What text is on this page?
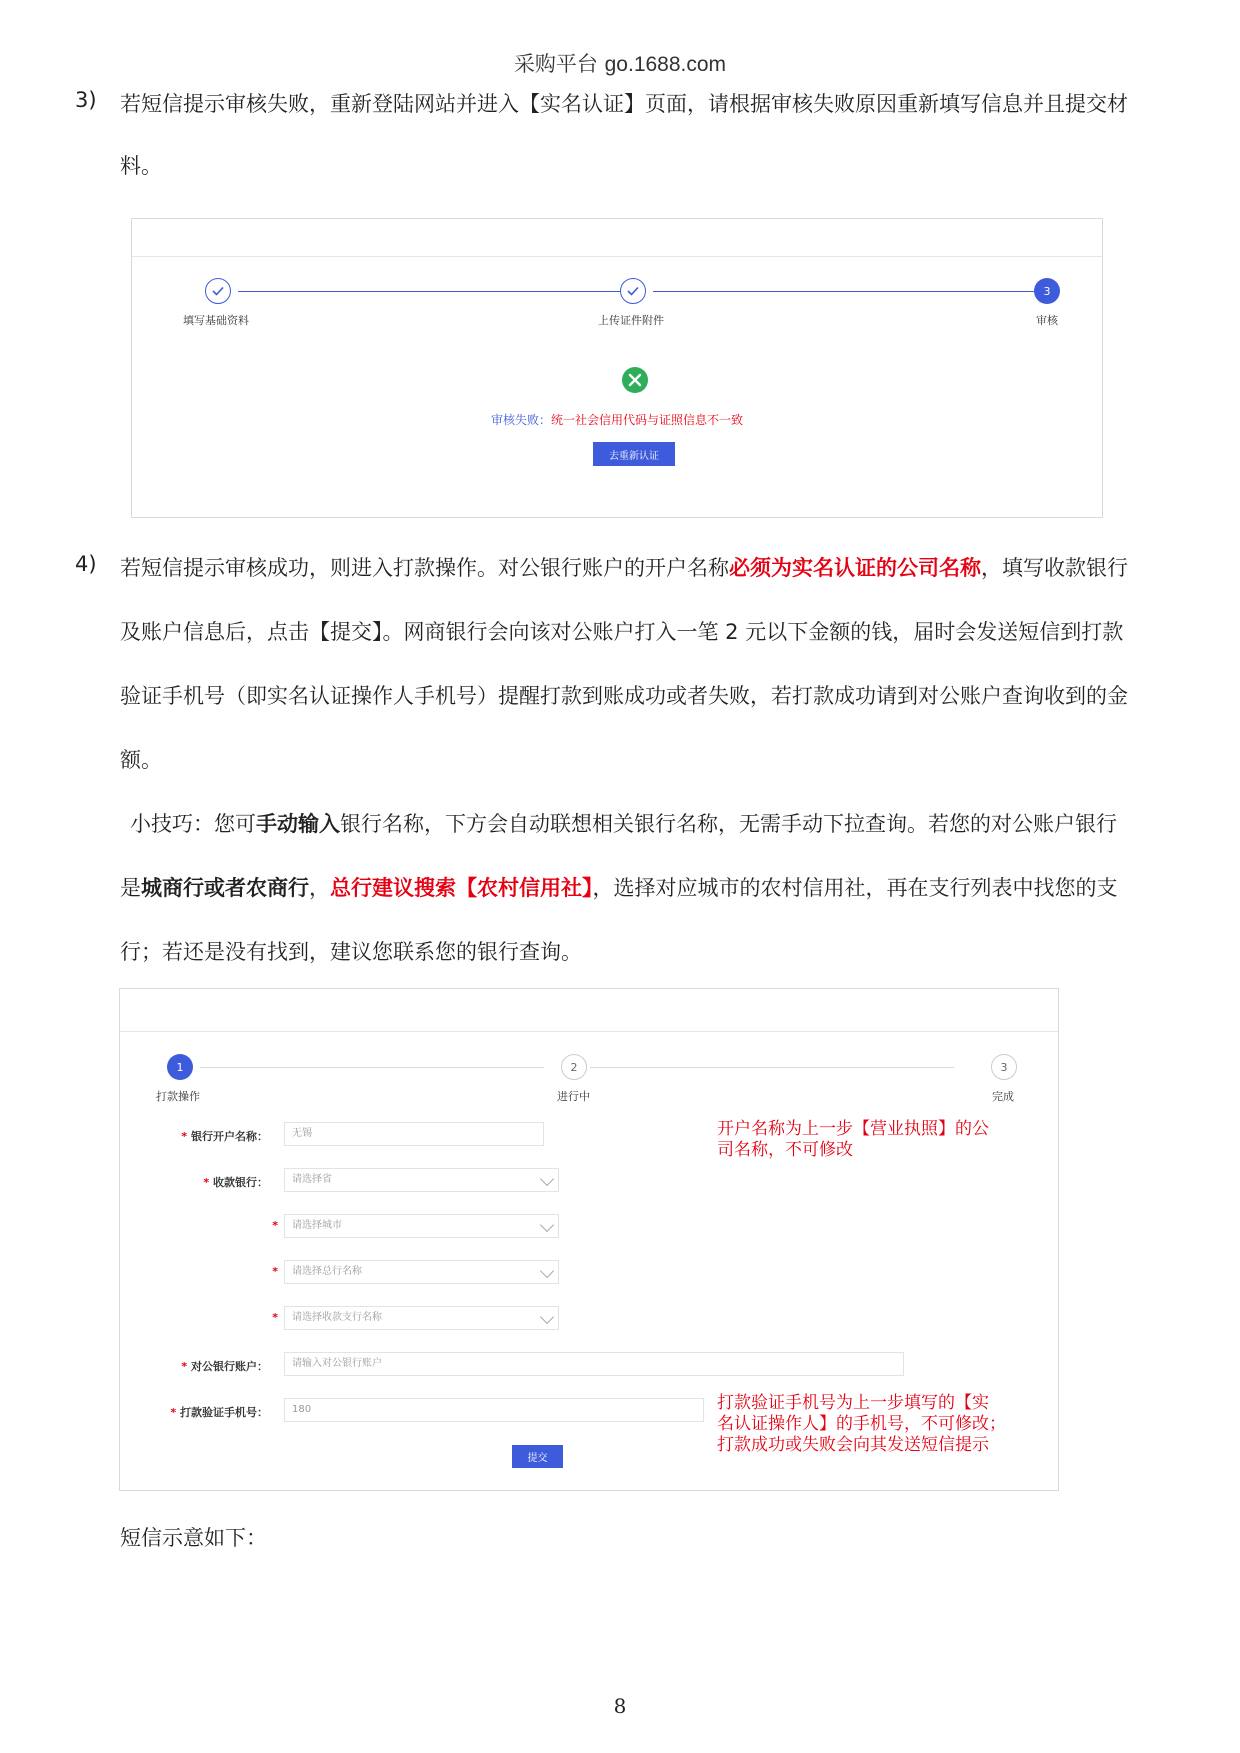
采购平台 go.1688.com
3) 若短信提示审核失败，重新登陆网站并进入【实名认证】页面，请根据审核失败原因重新填写信息并且提交材
料。
填写基础资料	上传证件附件
3
审核
审核失败：统一社会信用代码与证照信息不一致
去重新认证
4) 若短信提示审核成功，则进入打款操作。对公银行账户的开户名称必须为实名认证的公司名称，填写收款银行
及账户信息后，点击【提交】。网商银行会向该对公账户打入一笔 2 元以下金额的钱，届时会发送短信到打款
验证手机号（即实名认证操作人手机号）提醒打款到账成功或者失败，若打款成功请到对公账户查询收到的金
额。
小技巧：您可手动输入银行名称，下方会自动联想相关银行名称，无需手动下拉查询。若您的对公账户银行
是城商行或者农商行，总行建议搜索【农村信用社】，选择对应城市的农村信用社，再在支行列表中找您的支
行；若还是没有找到，建议您联系您的银行查询。
1
打款操作
2
进行中
3
完成
* 银行开户名称：	无锡
* 收款银行：	请选择省
*	请选择城市
*	请选择总行名称
*	请选择收款支行名称
* 对公银行账户：	请输入对公银行账户
* 打款验证手机号：	180
提交
开户名称为上一步【营业执照】的公
司名称，不可修改
打款验证手机号为上一步填写的【实
名认证操作人】的手机号，不可修改；
打款成功或失败会向其发送短信提示
短信示意如下：
8
